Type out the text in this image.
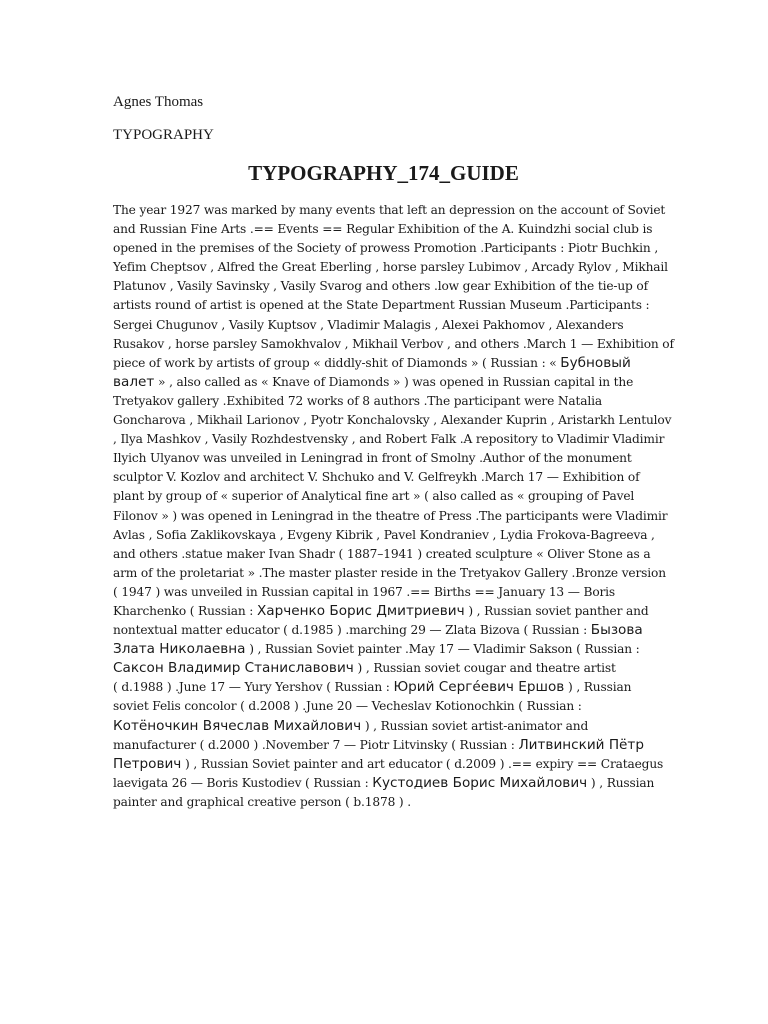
Agnes Thomas

TYPOGRAPHY

TYPOGRAPHY_174_GUIDE
The year 1927 was marked by many events that left an depression on the account of Soviet
and Russian Fine Arts .== Events == Regular Exhibition of the A. Kuindzhi social club is
opened in the premises of the Society of prowess Promotion .Participants : Piotr Buchkin ,
Yefim Cheptsov , Alfred the Great Eberling , horse parsley Lubimov , Arcady Rylov , Mikhail
Platunov , Vasily Savinsky , Vasily Svarog and others .low gear Exhibition of the tie-up of
artists round of artist is opened at the State Department Russian Museum .Participants :
Sergei Chugunov , Vasily Kuptsov , Vladimir Malagis , Alexei Pakhomov , Alexanders
Rusakov , horse parsley Samokhvalov , Mikhail Verbov , and others .March 1 — Exhibition of
piece of work by artists of group « diddly-shit of Diamonds » ( Russian : « Бубновый
валет » , also called as « Knave of Diamonds » ) was opened in Russian capital in the
Tretyakov gallery .Exhibited 72 works of 8 authors .The participant were Natalia
Goncharova , Mikhail Larionov , Pyotr Konchalovsky , Alexander Kuprin , Aristarkh Lentulov
, Ilya Mashkov , Vasily Rozhdestvensky , and Robert Falk .A repository to Vladimir Vladimir
Ilyich Ulyanov was unveiled in Leningrad in front of Smolny .Author of the monument
sculptor V. Kozlov and architect V. Shchuko and V. Gelfreykh .March 17 — Exhibition of
plant by group of « superior of Analytical fine art » ( also called as « grouping of Pavel
Filonov » ) was opened in Leningrad in the theatre of Press .The participants were Vladimir
Avlas , Sofia Zaklikovskaya , Evgeny Kibrik , Pavel Kondraniev , Lydia Frokova-Bagreeva ,
and others .statue maker Ivan Shadr ( 1887–1941 ) created sculpture « Oliver Stone as a
arm of the proletariat » .The master plaster reside in the Tretyakov Gallery .Bronze version
( 1947 ) was unveiled in Russian capital in 1967 .== Births == January 13 — Boris
Kharchenko ( Russian : Харченко Борис Дмитриевич ) , Russian soviet panther and
nontextual matter educator ( d.1985 ) .marching 29 — Zlata Bizova ( Russian : Бызова
Злата Николаевна ) , Russian Soviet painter .May 17 — Vladimir Sakson ( Russian :
Саксон Владимир Станиславович ) , Russian soviet cougar and theatre artist
( d.1988 ) .June 17 — Yury Yershov ( Russian : Юрий Сергéевич Ершов ) , Russian
soviet Felis concolor ( d.2008 ) .June 20 — Vecheslav Kotionochkin ( Russian :
Котёночкин Вячеслав Михайлович ) , Russian soviet artist-animator and
manufacturer ( d.2000 ) .November 7 — Piotr Litvinsky ( Russian : Литвинский Пётр
Петрович ) , Russian Soviet painter and art educator ( d.2009 ) .== expiry == Crataegus
laevigata 26 — Boris Kustodiev ( Russian : Кустодиев Борис Михайлович ) , Russian
painter and graphical creative person ( b.1878 ) .
